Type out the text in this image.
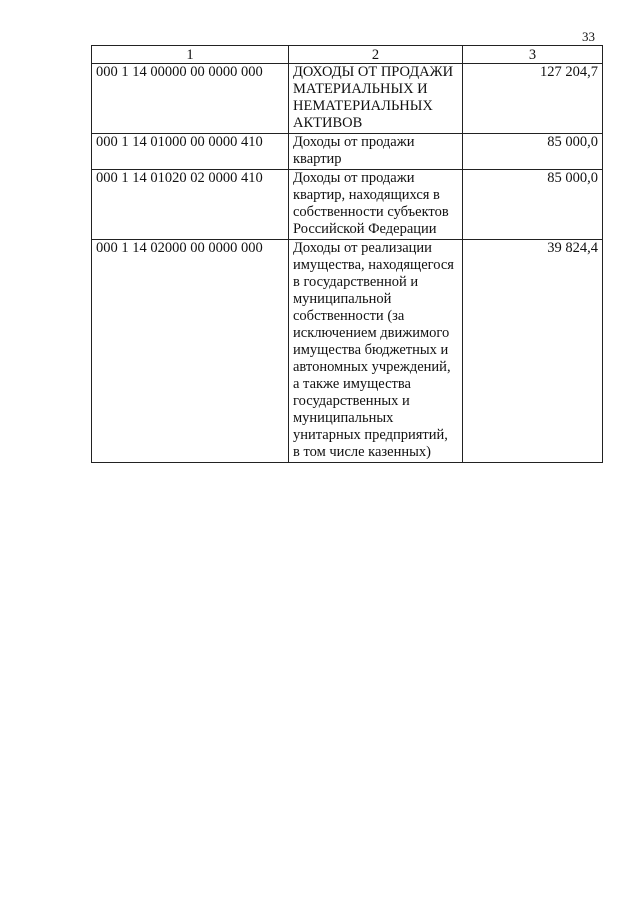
33
1	2	3
000 1 14 00000 00 0000 000	ДОХОДЫ ОТ ПРОДАЖИ МАТЕРИАЛЬНЫХ И НЕМАТЕРИАЛЬНЫХ АКТИВОВ	127 204,7
000 1 14 01000 00 0000 410	Доходы от продажи квартир	85 000,0
000 1 14 01020 02 0000 410	Доходы от продажи квартир, находящихся в собственности субъектов Российской Федерации	85 000,0
000 1 14 02000 00 0000 000	Доходы от реализации имущества, находящегося в государственной и муниципальной собственности (за исключением движимого имущества бюджетных и автономных учреждений, а также имущества государственных и муниципальных унитарных предприятий, в том числе казенных)	39 824,4
